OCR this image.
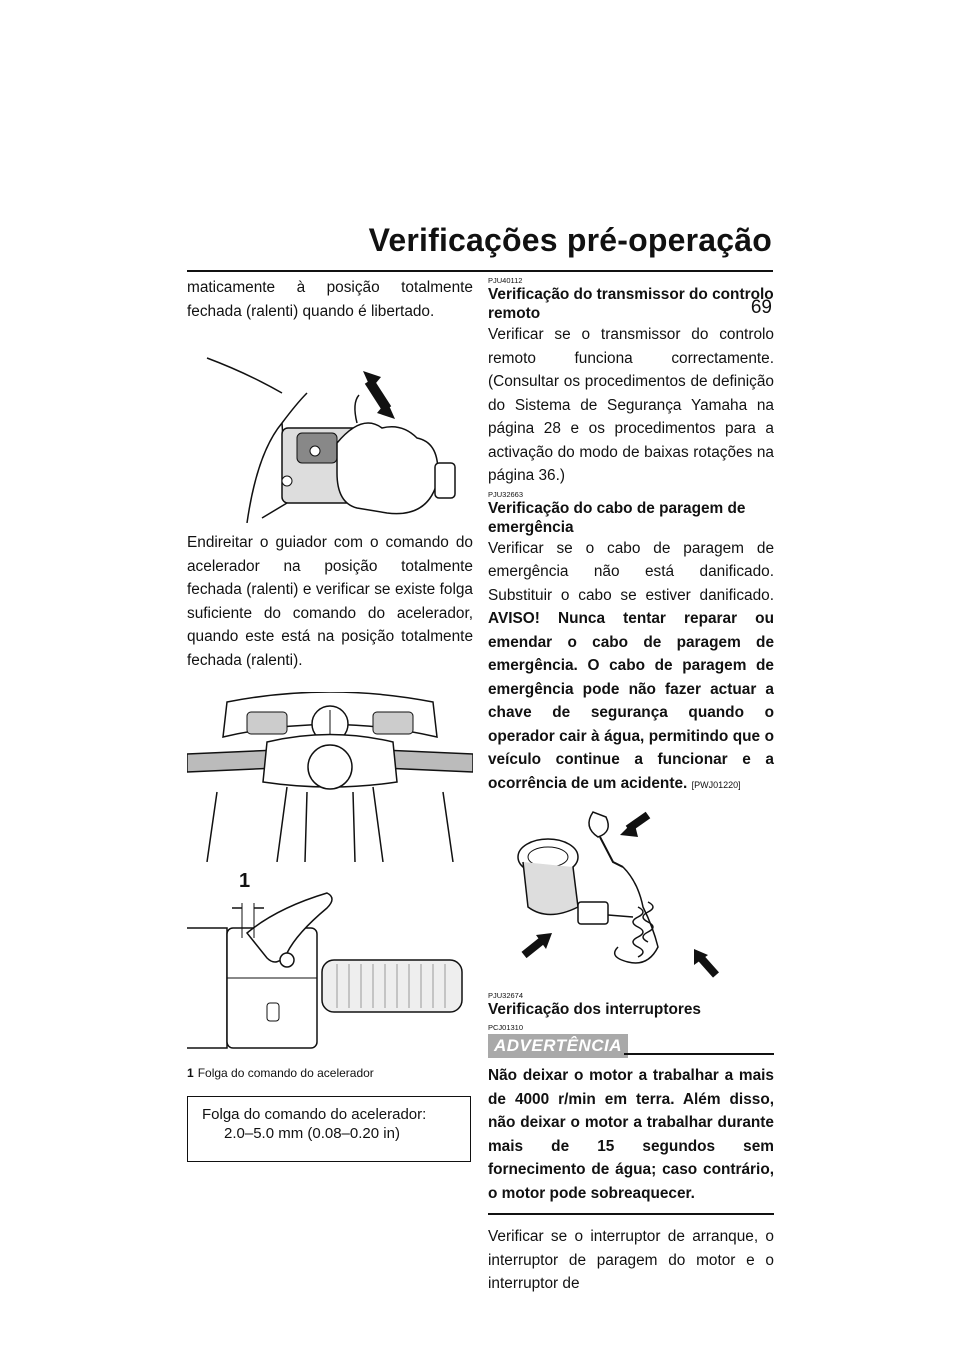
Verificações pré-operação
69

maticamente à posição totalmente fechada (ralenti) quando é libertado.

Endireitar o guiador com o comando do acelerador na posição totalmente fechada (ralenti) e verificar se existe folga suficiente do comando do acelerador, quando este está na posição totalmente fechada (ralenti).

1
1 Folga do comando do acelerador
Folga do comando do acelerador:
2.0–5.0 mm (0.08–0.20 in)
PJU40112
Verificação do transmissor do controlo remoto

Verificar se o transmissor do controlo remoto funciona correctamente. (Consultar os procedimentos de definição do Sistema de Segurança Yamaha na página 28 e os procedimentos para a activação do modo de baixas rotações na página 36.)

PJU32663
Verificação do cabo de paragem de emergência

Verificar se o cabo de paragem de emergência não está danificado. Substituir o cabo se estiver danificado. AVISO! Nunca tentar reparar ou emendar o cabo de paragem de emergência. O cabo de paragem de emergência pode não fazer actuar a chave de segurança quando o operador cair à água, permitindo que o veículo continue a funcionar e a ocorrência de um acidente. [PWJ01220]

PJU32674
Verificação dos interruptores
PCJ01310
ADVERTÊNCIA

Não deixar o motor a trabalhar a mais de 4000 r/min em terra. Além disso, não deixar o motor a trabalhar durante mais de 15 segundos sem fornecimento de água; caso contrário, o motor pode sobreaquecer.

Verificar se o interruptor de arranque, o interruptor de paragem do motor e o interruptor de
